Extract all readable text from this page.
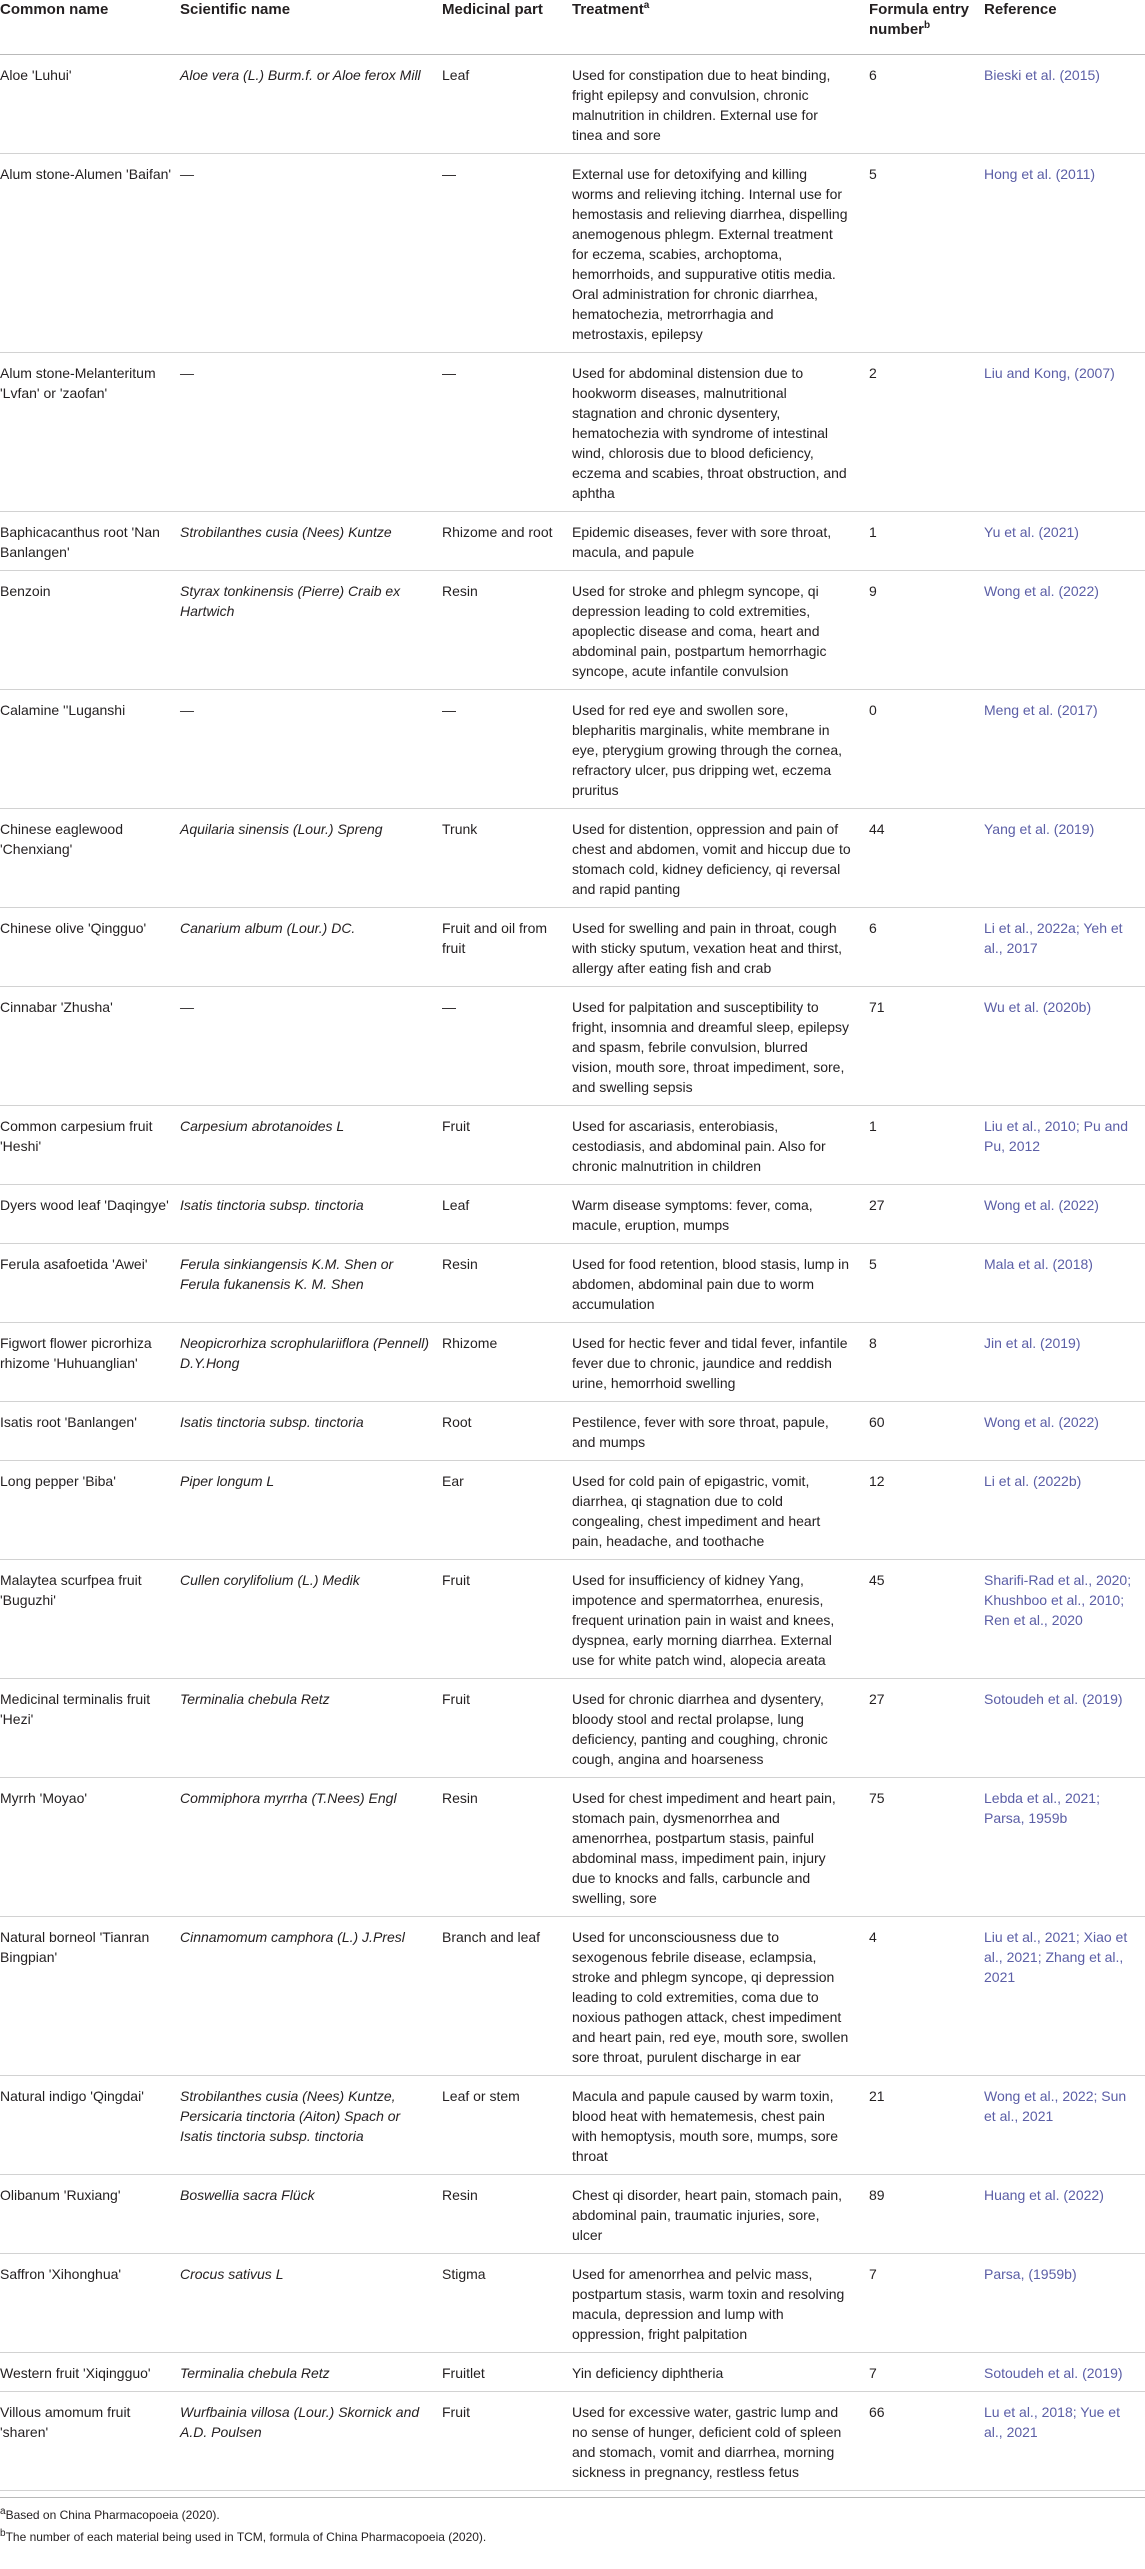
Common name	Scientific name	Medicinal part	Treatment$^a$	Formula entry number$^b$	Reference
Aloe 'Luhui'	Aloe vera (L.) Burm.f. or Aloe ferox Mill	Leaf	Used for constipation due to heat binding, fright epilepsy and convulsion, chronic malnutrition in children. External use for tinea and sore	6	Bieski et al. (2015)
Alum stone-Alumen 'Baifan'	—	—	External use for detoxifying and killing worms and relieving itching. Internal use for hemostasis and relieving diarrhea, dispelling anemogenous phlegm. External treatment for eczema, scabies, archoptoma, hemorrhoids, and suppurative otitis media. Oral administration for chronic diarrhea, hematochezia, metrorrhagia and metrostaxis, epilepsy	5	Hong et al. (2011)
Alum stone-Melanteritum 'Lvfan' or 'zaofan'	—	—	Used for abdominal distension due to hookworm diseases, malnutritional stagnation and chronic dysentery, hematochezia with syndrome of intestinal wind, chlorosis due to blood deficiency, eczema and scabies, throat obstruction, and aphtha	2	Liu and Kong, (2007)
Baphicacanthus root 'Nan Banlangen'	Strobilanthes cusia (Nees) Kuntze	Rhizome and root	Epidemic diseases, fever with sore throat, macula, and papule	1	Yu et al. (2021)
Benzoin	Styrax tonkinensis (Pierre) Craib ex Hartwich	Resin	Used for stroke and phlegm syncope, qi depression leading to cold extremities, apoplectic disease and coma, heart and abdominal pain, postpartum hemorrhagic syncope, acute infantile convulsion	9	Wong et al. (2022)
Calamine ''Luganshi	—	—	Used for red eye and swollen sore, blepharitis marginalis, white membrane in eye, pterygium growing through the cornea, refractory ulcer, pus dripping wet, eczema pruritus	0	Meng et al. (2017)
Chinese eaglewood 'Chenxiang'	Aquilaria sinensis (Lour.) Spreng	Trunk	Used for distention, oppression and pain of chest and abdomen, vomit and hiccup due to stomach cold, kidney deficiency, qi reversal and rapid panting	44	Yang et al. (2019)
Chinese olive 'Qingguo'	Canarium album (Lour.) DC.	Fruit and oil from fruit	Used for swelling and pain in throat, cough with sticky sputum, vexation heat and thirst, allergy after eating fish and crab	6	Li et al., 2022a; Yeh et al., 2017
Cinnabar 'Zhusha'	—	—	Used for palpitation and susceptibility to fright, insomnia and dreamful sleep, epilepsy and spasm, febrile convulsion, blurred vision, mouth sore, throat impediment, sore, and swelling sepsis	71	Wu et al. (2020b)
Common carpesium fruit 'Heshi'	Carpesium abrotanoides L	Fruit	Used for ascariasis, enterobiasis, cestodiasis, and abdominal pain. Also for chronic malnutrition in children	1	Liu et al., 2010; Pu and Pu, 2012
Dyers wood leaf 'Daqingye'	Isatis tinctoria subsp. tinctoria	Leaf	Warm disease symptoms: fever, coma, macule, eruption, mumps	27	Wong et al. (2022)
Ferula asafoetida 'Awei'	Ferula sinkiangensis K.M. Shen or Ferula fukanensis K. M. Shen	Resin	Used for food retention, blood stasis, lump in abdomen, abdominal pain due to worm accumulation	5	Mala et al. (2018)
Figwort flower picrorhiza rhizome 'Huhuanglian'	Neopicrorhiza scrophulariiflora (Pennell) D.Y.Hong	Rhizome	Used for hectic fever and tidal fever, infantile fever due to chronic, jaundice and reddish urine, hemorrhoid swelling	8	Jin et al. (2019)
Isatis root 'Banlangen'	Isatis tinctoria subsp. tinctoria	Root	Pestilence, fever with sore throat, papule, and mumps	60	Wong et al. (2022)
Long pepper 'Biba'	Piper longum L	Ear	Used for cold pain of epigastric, vomit, diarrhea, qi stagnation due to cold congealing, chest impediment and heart pain, headache, and toothache	12	Li et al. (2022b)
Malaytea scurfpea fruit 'Buguzhi'	Cullen corylifolium (L.) Medik	Fruit	Used for insufficiency of kidney Yang, impotence and spermatorrhea, enuresis, frequent urination pain in waist and knees, dyspnea, early morning diarrhea. External use for white patch wind, alopecia areata	45	Sharifi-Rad et al., 2020; Khushboo et al., 2010; Ren et al., 2020
Medicinal terminalis fruit 'Hezi'	Terminalia chebula Retz	Fruit	Used for chronic diarrhea and dysentery, bloody stool and rectal prolapse, lung deficiency, panting and coughing, chronic cough, angina and hoarseness	27	Sotoudeh et al. (2019)
Myrrh 'Moyao'	Commiphora myrrha (T.Nees) Engl	Resin	Used for chest impediment and heart pain, stomach pain, dysmenorrhea and amenorrhea, postpartum stasis, painful abdominal mass, impediment pain, injury due to knocks and falls, carbuncle and swelling, sore	75	Lebda et al., 2021; Parsa, 1959b
Natural borneol 'Tianran Bingpian'	Cinnamomum camphora (L.) J.Presl	Branch and leaf	Used for unconsciousness due to sexogenous febrile disease, eclampsia, stroke and phlegm syncope, qi depression leading to cold extremities, coma due to noxious pathogen attack, chest impediment and heart pain, red eye, mouth sore, swollen sore throat, purulent discharge in ear	4	Liu et al., 2021; Xiao et al., 2021; Zhang et al., 2021
Natural indigo 'Qingdai'	Strobilanthes cusia (Nees) Kuntze, Persicaria tinctoria (Aiton) Spach or Isatis tinctoria subsp. tinctoria	Leaf or stem	Macula and papule caused by warm toxin, blood heat with hematemesis, chest pain with hemoptysis, mouth sore, mumps, sore throat	21	Wong et al., 2022; Sun et al., 2021
Olibanum 'Ruxiang'	Boswellia sacra Flück	Resin	Chest qi disorder, heart pain, stomach pain, abdominal pain, traumatic injuries, sore, ulcer	89	Huang et al. (2022)
Saffron 'Xihonghua'	Crocus sativus L	Stigma	Used for amenorrhea and pelvic mass, postpartum stasis, warm toxin and resolving macula, depression and lump with oppression, fright palpitation	7	Parsa, (1959b)
Western fruit 'Xiqingguo'	Terminalia chebula Retz	Fruitlet	Yin deficiency diphtheria	7	Sotoudeh et al. (2019)
Villous amomum fruit 'sharen'	Wurfbainia villosa (Lour.) Skornick and A.D. Poulsen	Fruit	Used for excessive water, gastric lump and no sense of hunger, deficient cold of spleen and stomach, vomit and diarrhea, morning sickness in pregnancy, restless fetus	66	Lu et al., 2018; Yue et al., 2021
$^a$Based on China Pharmacopoeia (2020).
$^b$The number of each material being used in TCM, formula of China Pharmacopoeia (2020).
